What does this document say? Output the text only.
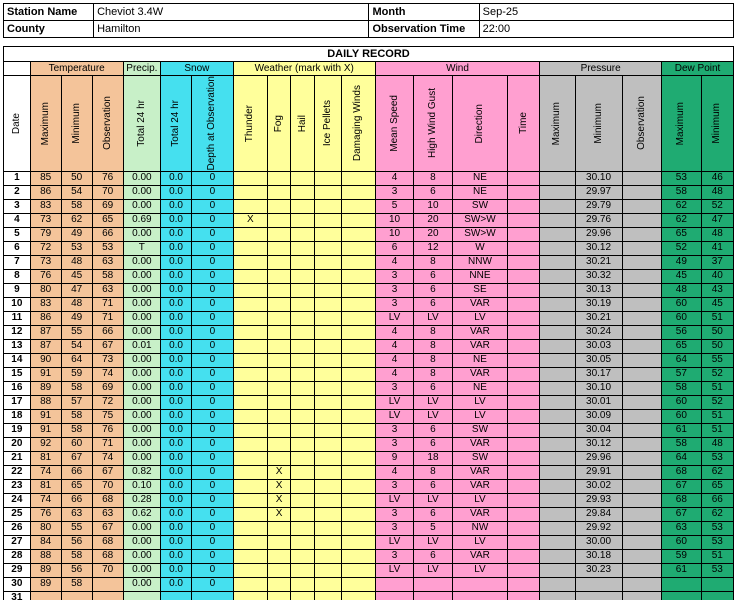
Station Name	Cheviot 3.4W	Month	Sep-25
County	Hamilton	Observation Time	22:00
DAILY RECORD																				
	Temperature			Precip.	Snow		Weather (mark with X)					Wind				Pressure			Dew Point	

Date	Maximum	Minimum	Observation	Total 24 hr	Total 24 hr	Depth at Observation	Thunder	Fog	Hail	Ice Pellets	Damaging Winds	Mean Speed	High Wind Gust	Direction	Time	Maximum	Minimum	Observation	Maximum	Minimum

1	85	50	76	0.00	0.0	0						4	8	NE			30.10		53	46
2	86	54	70	0.00	0.0	0						3	6	NE			29.97		58	48
3	83	58	69	0.00	0.0	0						5	10	SW			29.79		62	52
4	73	62	65	0.69	0.0	0	X					10	20	SW>W			29.76		62	47
5	79	49	66	0.00	0.0	0						10	20	SW>W			29.96		65	48
6	72	53	53	T	0.0	0						6	12	W			30.12		52	41
7	73	48	63	0.00	0.0	0						4	8	NNW			30.21		49	37
8	76	45	58	0.00	0.0	0						3	6	NNE			30.32		45	40
9	80	47	63	0.00	0.0	0						3	6	SE			30.13		48	43
10	83	48	71	0.00	0.0	0						3	6	VAR			30.19		60	45
11	86	49	71	0.00	0.0	0						LV	LV	LV			30.21		60	51
12	87	55	66	0.00	0.0	0						4	8	VAR			30.24		56	50
13	87	54	67	0.01	0.0	0						4	8	VAR			30.03		65	50
14	90	64	73	0.00	0.0	0						4	8	NE			30.05		64	55
15	91	59	74	0.00	0.0	0						4	8	VAR			30.17		57	52
16	89	58	69	0.00	0.0	0						3	6	NE			30.10		58	51
17	88	57	72	0.00	0.0	0						LV	LV	LV			30.01		60	52
18	91	58	75	0.00	0.0	0						LV	LV	LV			30.09		60	51
19	91	58	76	0.00	0.0	0						3	6	SW			30.04		61	51
20	92	60	71	0.00	0.0	0						3	6	VAR			30.12		58	48
21	81	67	74	0.00	0.0	0						9	18	SW			29.96		64	53
22	74	66	67	0.82	0.0	0		X				4	8	VAR			29.91		68	62
23	81	65	70	0.10	0.0	0		X				3	6	VAR			30.02		67	65
24	74	66	68	0.28	0.0	0		X				LV	LV	LV			29.93		68	66
25	76	63	63	0.62	0.0	0		X				3	6	VAR			29.84		67	62
26	80	55	67	0.00	0.0	0						3	5	NW			29.92		63	53
27	84	56	68	0.00	0.0	0						LV	LV	LV			30.00		60	53
28	88	58	68	0.00	0.0	0						3	6	VAR			30.18		59	51
29	89	56	70	0.00	0.0	0						LV	LV	LV			30.23		61	53
30	89	58		0.00	0.0	0														
31																				
